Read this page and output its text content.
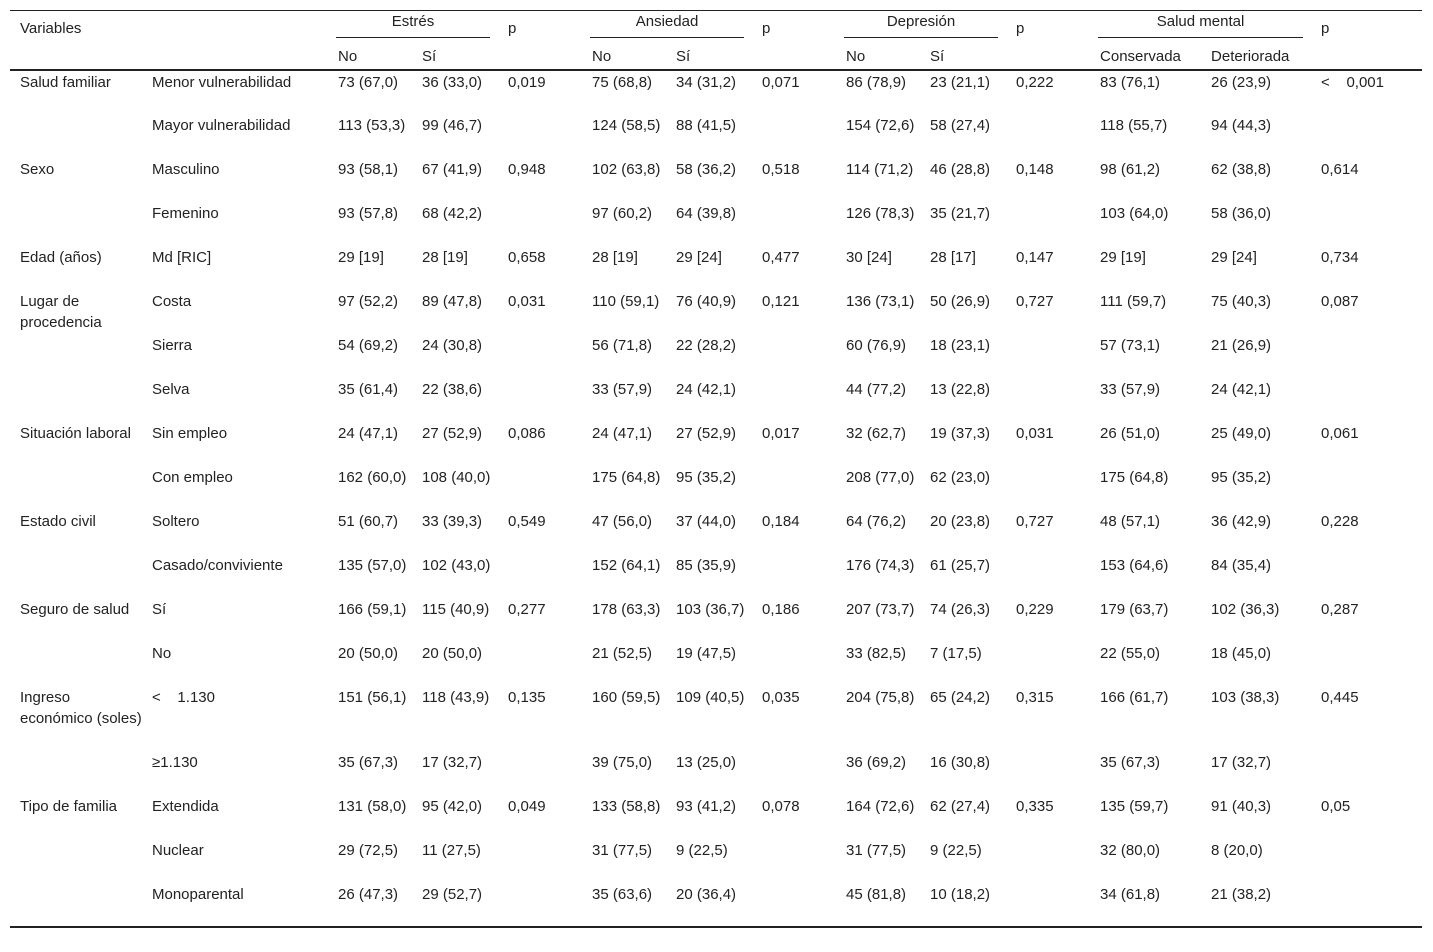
Variables		Estrés		p	Ansiedad		p	Depresión		p	Salud mental		p
		No	Sí		No	Sí		No	Sí		Conservada	Deteriorada	
Salud familiar	Menor vulnerabilidad	73 (67,0)	36 (33,0)	0,019	75 (68,8)	34 (31,2)	0,071	86 (78,9)	23 (21,1)	0,222	83 (76,1)	26 (23,9)	<    0,001
	Mayor vulnerabilidad	113 (53,3)	99 (46,7)		124 (58,5)	88 (41,5)		154 (72,6)	58 (27,4)		118 (55,7)	94 (44,3)	
Sexo	Masculino	93 (58,1)	67 (41,9)	0,948	102 (63,8)	58 (36,2)	0,518	114 (71,2)	46 (28,8)	0,148	98 (61,2)	62 (38,8)	0,614
	Femenino	93 (57,8)	68 (42,2)		97 (60,2)	64 (39,8)		126 (78,3)	35 (21,7)		103 (64,0)	58 (36,0)	
Edad (años)	Md [RIC]	29 [19]	28 [19]	0,658	28 [19]	29 [24]	0,477	30 [24]	28 [17]	0,147	29 [19]	29 [24]	0,734
Lugar de procedencia	Costa	97 (52,2)	89 (47,8)	0,031	110 (59,1)	76 (40,9)	0,121	136 (73,1)	50 (26,9)	0,727	111 (59,7)	75 (40,3)	0,087
	Sierra	54 (69,2)	24 (30,8)		56 (71,8)	22 (28,2)		60 (76,9)	18 (23,1)		57 (73,1)	21 (26,9)	
	Selva	35 (61,4)	22 (38,6)		33 (57,9)	24 (42,1)		44 (77,2)	13 (22,8)		33 (57,9)	24 (42,1)	
Situación laboral	Sin empleo	24 (47,1)	27 (52,9)	0,086	24 (47,1)	27 (52,9)	0,017	32 (62,7)	19 (37,3)	0,031	26 (51,0)	25 (49,0)	0,061
	Con empleo	162 (60,0)	108 (40,0)		175 (64,8)	95 (35,2)		208 (77,0)	62 (23,0)		175 (64,8)	95 (35,2)	
Estado civil	Soltero	51 (60,7)	33 (39,3)	0,549	47 (56,0)	37 (44,0)	0,184	64 (76,2)	20 (23,8)	0,727	48 (57,1)	36 (42,9)	0,228
	Casado/conviviente	135 (57,0)	102 (43,0)		152 (64,1)	85 (35,9)		176 (74,3)	61 (25,7)		153 (64,6)	84 (35,4)	
Seguro de salud	Sí	166 (59,1)	115 (40,9)	0,277	178 (63,3)	103 (36,7)	0,186	207 (73,7)	74 (26,3)	0,229	179 (63,7)	102 (36,3)	0,287
	No	20 (50,0)	20 (50,0)		21 (52,5)	19 (47,5)		33 (82,5)	7 (17,5)		22 (55,0)	18 (45,0)	
Ingreso económico (soles)	<    1.130	151 (56,1)	118 (43,9)	0,135	160 (59,5)	109 (40,5)	0,035	204 (75,8)	65 (24,2)	0,315	166 (61,7)	103 (38,3)	0,445
	≥1.130	35 (67,3)	17 (32,7)		39 (75,0)	13 (25,0)		36 (69,2)	16 (30,8)		35 (67,3)	17 (32,7)	
Tipo de familia	Extendida	131 (58,0)	95 (42,0)	0,049	133 (58,8)	93 (41,2)	0,078	164 (72,6)	62 (27,4)	0,335	135 (59,7)	91 (40,3)	0,05
	Nuclear	29 (72,5)	11 (27,5)		31 (77,5)	9 (22,5)		31 (77,5)	9 (22,5)		32 (80,0)	8 (20,0)	
	Monoparental	26 (47,3)	29 (52,7)		35 (63,6)	20 (36,4)		45 (81,8)	10 (18,2)		34 (61,8)	21 (38,2)	
